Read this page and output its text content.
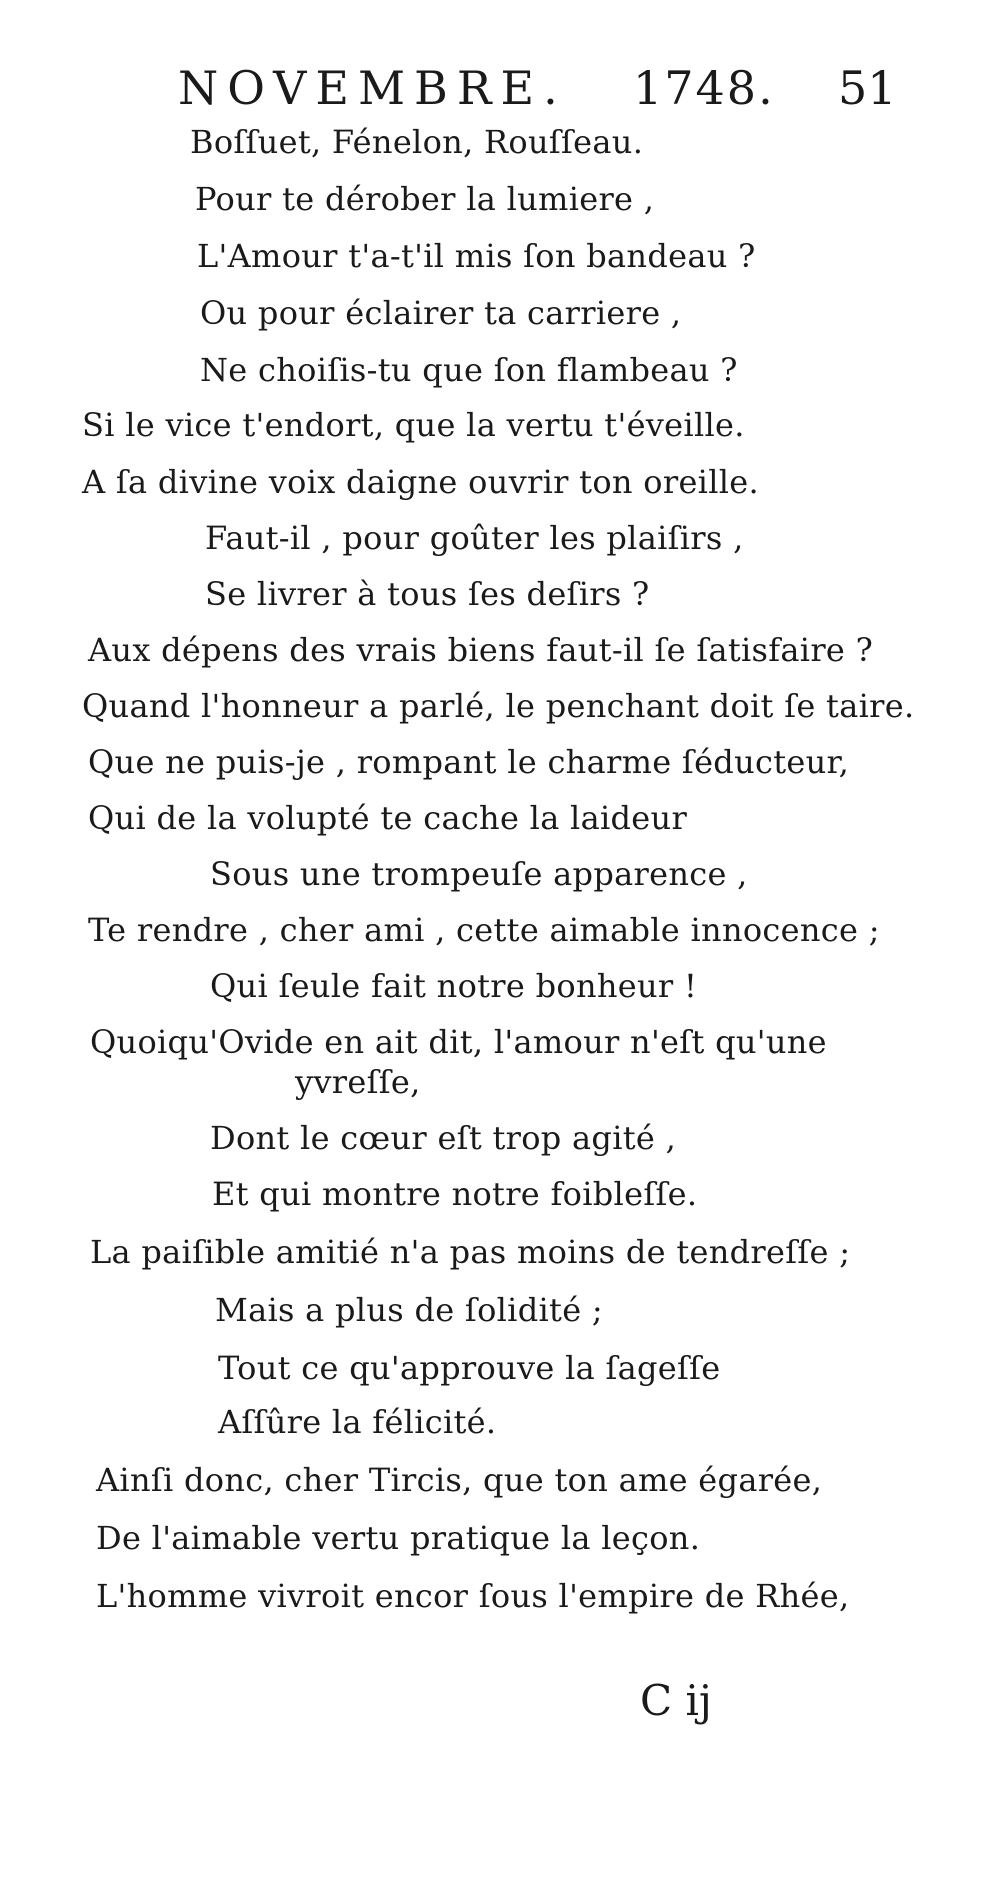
NOVEMBRE. 1748. 51
Boſſuet, Fénelon, Rouſſeau.
Pour te dérober la lumiere ,
L'Amour t'a-t'il mis ſon bandeau ?
Ou pour éclairer ta carriere ,
Ne choiſis-tu que ſon flambeau ?
Si le vice t'endort, que la vertu t'éveille.
A ſa divine voix daigne ouvrir ton oreille.
Faut-il , pour goûter les plaiſirs ,
Se livrer à tous ſes deſirs ?
Aux dépens des vrais biens faut-il ſe ſatisfaire ?
Quand l'honneur a parlé, le penchant doit ſe taire.
Que ne puis-je , rompant le charme ſéducteur,
Qui de la volupté te cache la laideur
Sous une trompeuſe apparence ,
Te rendre , cher ami , cette aimable innocence ;
Qui ſeule fait notre bonheur !
Quoiqu'Ovide en ait dit, l'amour n'eſt qu'une
yvreſſe,
Dont le cœur eſt trop agité ,
Et qui montre notre foibleſſe.
La paiſible amitié n'a pas moins de tendreſſe ;
Mais a plus de ſolidité ;
Tout ce qu'approuve la ſageſſe
Aſſûre la félicité.
Ainſi donc, cher Tircis, que ton ame égarée,
De l'aimable vertu pratique la leçon.
L'homme vivroit encor ſous l'empire de Rhée,
C ij
